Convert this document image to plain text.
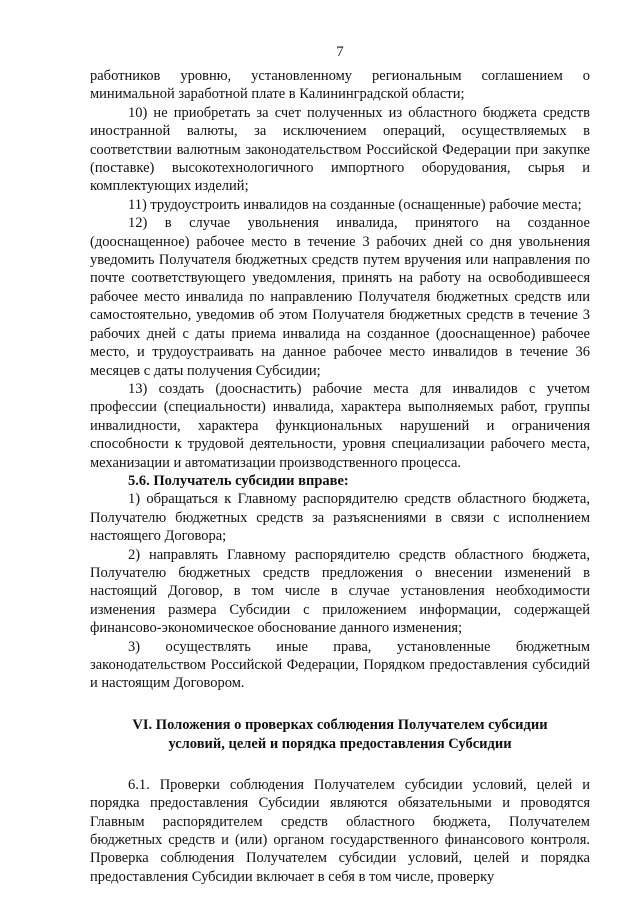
7

работников уровню, установленному региональным соглашением о минимальной заработной плате в Калининградской области;

10) не приобретать за счет полученных из областного бюджета средств иностранной валюты, за исключением операций, осуществляемых в соответствии валютным законодательством Российской Федерации при закупке (поставке) высокотехнологичного импортного оборудования, сырья и комплектующих изделий;

11) трудоустроить инвалидов на созданные (оснащенные) рабочие места;

12) в случае увольнения инвалида, принятого на созданное (дооснащенное) рабочее место в течение 3 рабочих дней со дня увольнения уведомить Получателя бюджетных средств путем вручения или направления по почте соответствующего уведомления, принять на работу на освободившееся рабочее место инвалида по направлению Получателя бюджетных средств или самостоятельно, уведомив об этом Получателя бюджетных средств в течение 3 рабочих дней с даты приема инвалида на созданное (дооснащенное) рабочее место, и трудоустраивать на данное рабочее место инвалидов в течение 36 месяцев с даты получения Субсидии;

13) создать (дооснастить) рабочие места для инвалидов с учетом профессии (специальности) инвалида, характера выполняемых работ, группы инвалидности, характера функциональных нарушений и ограничения способности к трудовой деятельности, уровня специализации рабочего места, механизации и автоматизации производственного процесса.

5.6. Получатель субсидии вправе:

1) обращаться к Главному распорядителю средств областного бюджета, Получателю бюджетных средств за разъяснениями в связи с исполнением настоящего Договора;

2) направлять Главному распорядителю средств областного бюджета, Получателю бюджетных средств предложения о внесении изменений в настоящий Договор, в том числе в случае установления необходимости изменения размера Субсидии с приложением информации, содержащей финансово-экономическое обоснование данного изменения;

3) осуществлять иные права, установленные бюджетным законодательством Российской Федерации, Порядком предоставления субсидий и настоящим Договором.

VI. Положения о проверках соблюдения Получателем субсидии
условий, целей и порядка предоставления Субсидии

6.1. Проверки соблюдения Получателем субсидии условий, целей и порядка предоставления Субсидии являются обязательными и проводятся Главным распорядителем средств областного бюджета, Получателем бюджетных средств и (или) органом государственного финансового контроля. Проверка соблюдения Получателем субсидии условий, целей и порядка предоставления Субсидии включает в себя в том числе, проверку
